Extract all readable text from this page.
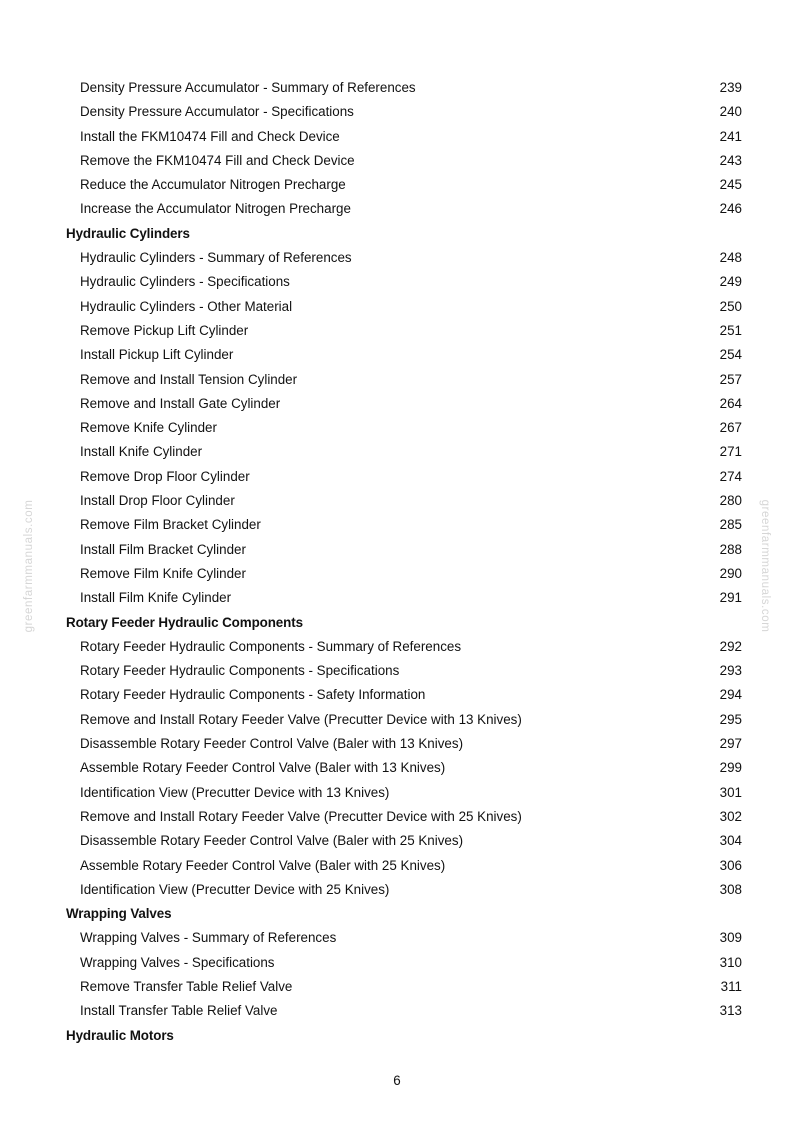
greenfarmmanuals.com	greenfarmmanuals.com
Density Pressure Accumulator - Summary of References	239
Density Pressure Accumulator - Specifications	240
Install the FKM10474 Fill and Check Device	241
Remove the FKM10474 Fill and Check Device	243
Reduce the Accumulator Nitrogen Precharge	245
Increase the Accumulator Nitrogen Precharge	246
Hydraulic Cylinders
Hydraulic Cylinders - Summary of References	248
Hydraulic Cylinders - Specifications	249
Hydraulic Cylinders - Other Material	250
Remove Pickup Lift Cylinder	251
Install Pickup Lift Cylinder	254
Remove and Install Tension Cylinder	257
Remove and Install Gate Cylinder	264
Remove Knife Cylinder	267
Install Knife Cylinder	271
Remove Drop Floor Cylinder	274
Install Drop Floor Cylinder	280
Remove Film Bracket Cylinder	285
Install Film Bracket Cylinder	288
Remove Film Knife Cylinder	290
Install Film Knife Cylinder	291
Rotary Feeder Hydraulic Components
Rotary Feeder Hydraulic Components - Summary of References	292
Rotary Feeder Hydraulic Components - Specifications	293
Rotary Feeder Hydraulic Components - Safety Information	294
Remove and Install Rotary Feeder Valve (Precutter Device with 13 Knives)	295
Disassemble Rotary Feeder Control Valve (Baler with 13 Knives)	297
Assemble Rotary Feeder Control Valve (Baler with 13 Knives)	299
Identification View (Precutter Device with 13 Knives)	301
Remove and Install Rotary Feeder Valve (Precutter Device with 25 Knives)	302
Disassemble Rotary Feeder Control Valve (Baler with 25 Knives)	304
Assemble Rotary Feeder Control Valve (Baler with 25 Knives)	306
Identification View (Precutter Device with 25 Knives)	308
Wrapping Valves
Wrapping Valves - Summary of References	309
Wrapping Valves - Specifications	310
Remove Transfer Table Relief Valve	311
Install Transfer Table Relief Valve	313
Hydraulic Motors
6
